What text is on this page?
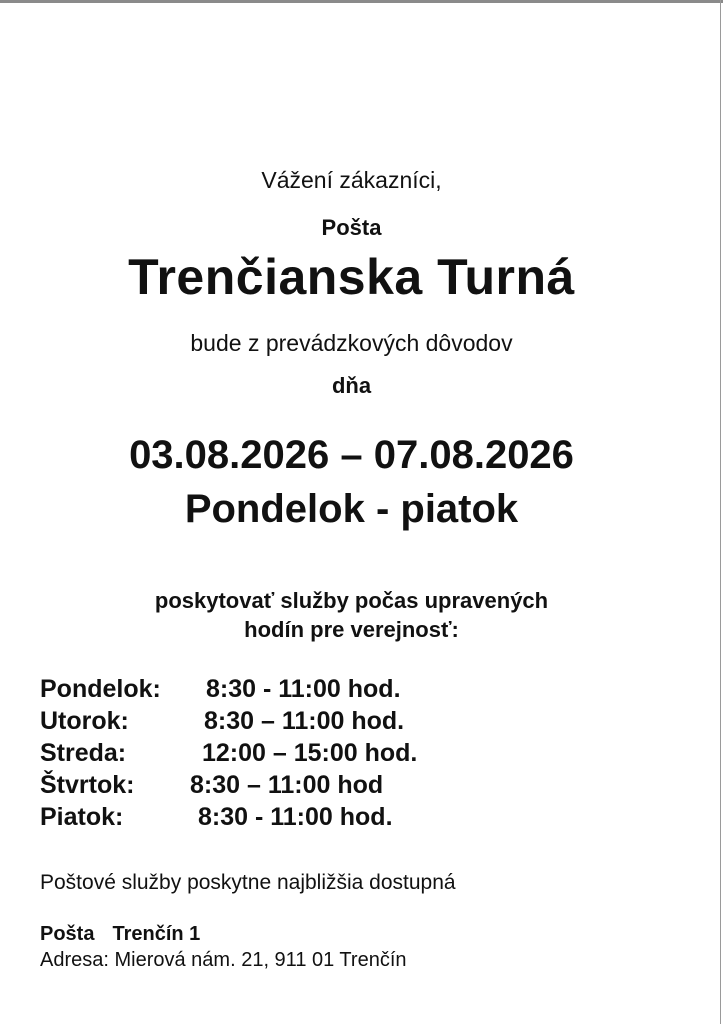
Vážení zákazníci,
Pošta
Trenčianska Turná
bude z prevádzkových dôvodov
dňa
03.08.2026 – 07.08.2026
Pondelok - piatok
poskytovať služby počas upravených
hodín pre verejnosť:
Pondelok: 8:30 - 11:00 hod.
Utorok:	8:30 – 11:00 hod.
Streda:	12:00 – 15:00 hod.
Štvrtok: 8:30 – 11:00 hod
Piatok:	8:30 - 11:00 hod.
Poštové služby poskytne najbližšia dostupná
Pošta Trenčín 1
Adresa: Mierová nám. 21, 911 01 Trenčín
